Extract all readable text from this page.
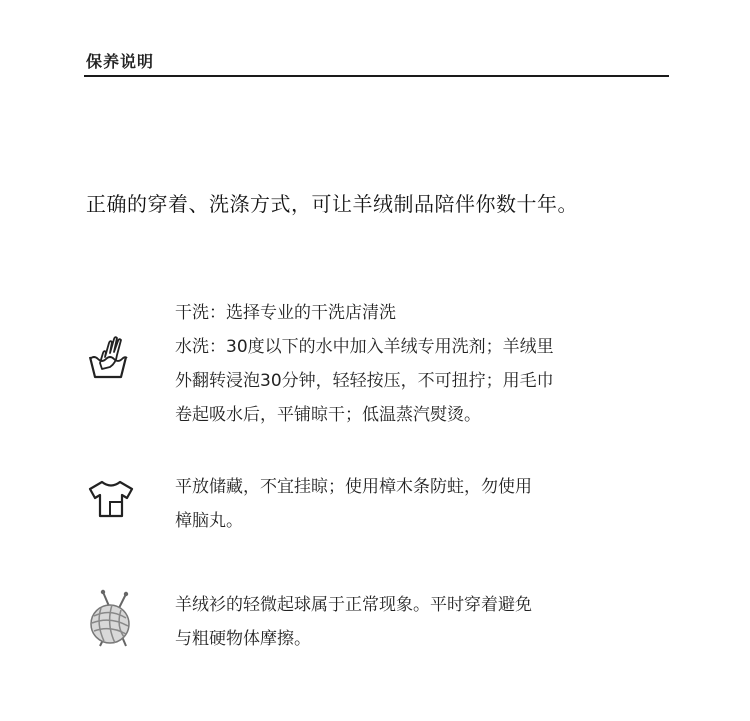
保养说明
正确的穿着、洗涤方式，可让羊绒制品陪伴你数十年。
干洗：选择专业的干洗店清洗
水洗：30度以下的水中加入羊绒专用洗剂；羊绒里
外翻转浸泡30分钟，轻轻按压，不可扭拧；用毛巾
卷起吸水后，平铺晾干；低温蒸汽熨烫。
平放储藏，不宜挂晾；使用樟木条防蛀，勿使用
樟脑丸。
羊绒衫的轻微起球属于正常现象。平时穿着避免
与粗硬物体摩擦。
